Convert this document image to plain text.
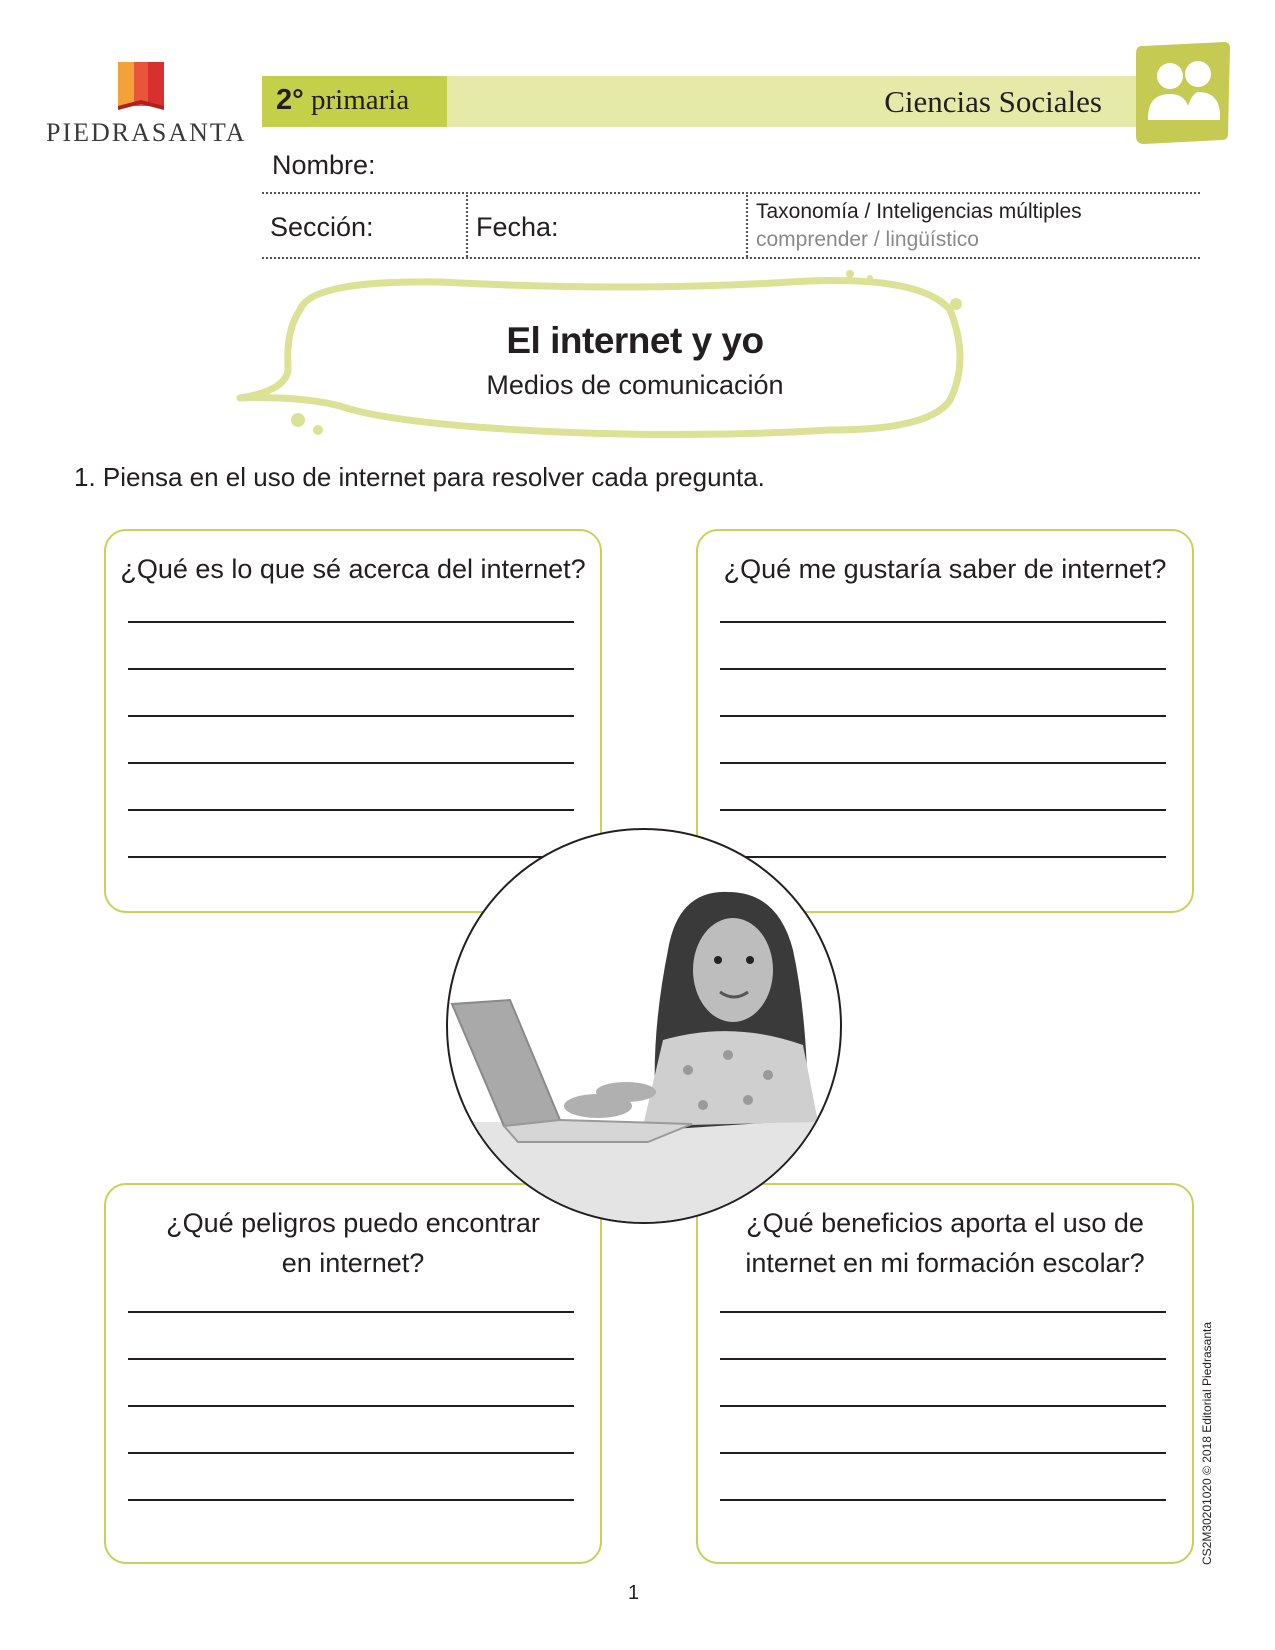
PIEDRASANTA
2° primaria	Ciencias Sociales
Nombre:
Sección:	Fecha:
Taxonomía / Inteligencias múltiples
comprender / lingüístico
El internet y yo
Medios de comunicación
1. Piensa en el uso de internet para resolver cada pregunta.
¿Qué es lo que sé acerca del internet?	¿Qué me gustaría saber de internet?
¿Qué peligros puedo encontrar
en internet?
¿Qué beneficios aporta el uso de
internet en mi formación escolar?
1
CS2M30201020 © 2018 Editorial Piedrasanta
